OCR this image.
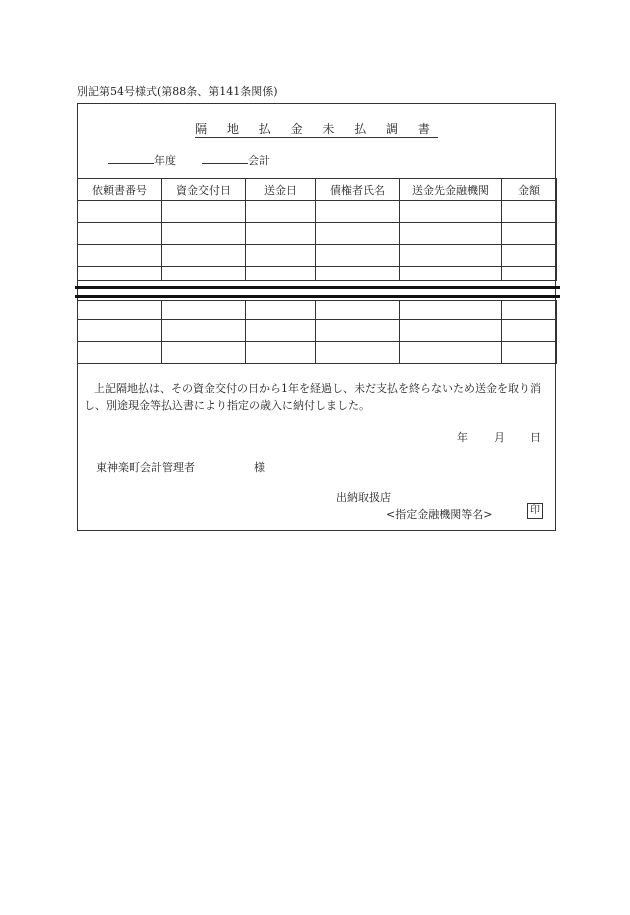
別記第54号様式(第88条、第141条関係)
隔 地 払 金 未 払 調 書
年度	会計
依頼書番号	資金交付日	送金日	債権者氏名	送金先金融機関	金額

上記隔地払は、その資金交付の日から1年を経過し、未だ支払を終らないため送金を取り消し、別途現金等払込書により指定の歳入に納付しました。
年 月 日
東神楽町会計管理者	様
出納取扱店
<指定金融機関等名>	印
